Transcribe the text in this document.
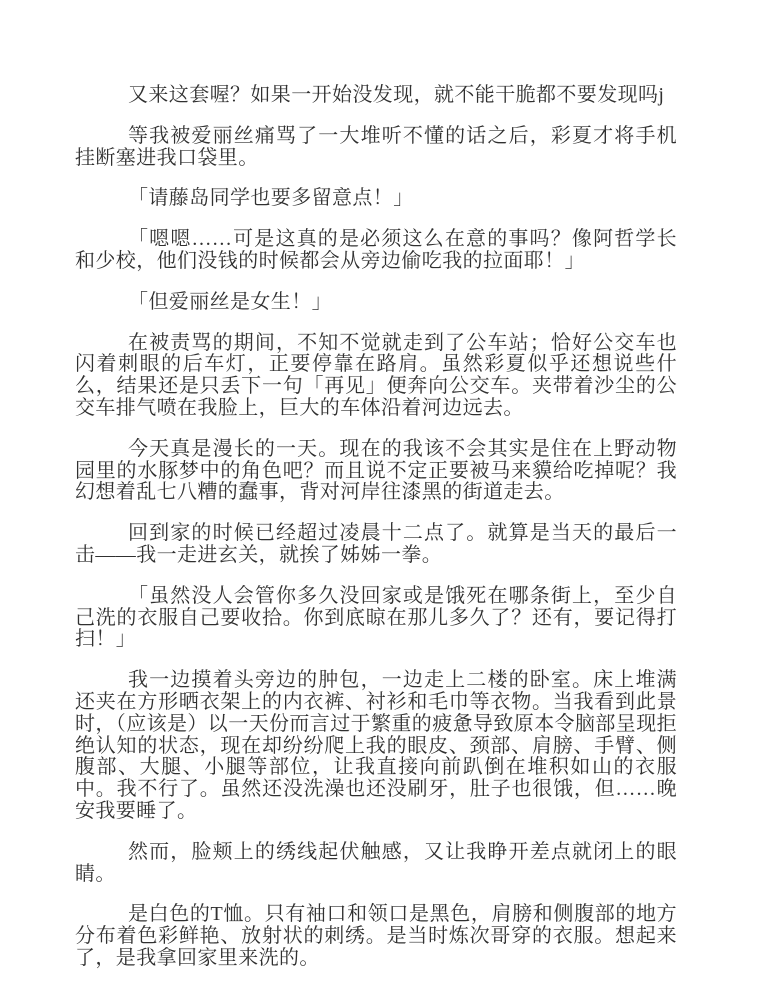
又来这套喔？如果一开始没发现，就不能干脆都不要发现吗j

等我被爱丽丝痛骂了一大堆听不懂的话之后，彩夏才将手机挂断塞进我口袋里。

「请藤岛同学也要多留意点！」

「嗯嗯……可是这真的是必须这么在意的事吗？像阿哲学长和少校，他们没钱的时候都会从旁边偷吃我的拉面耶！」

「但爱丽丝是女生！」

在被责骂的期间，不知不觉就走到了公车站；恰好公交车也闪着刺眼的后车灯，正要停靠在路肩。虽然彩夏似乎还想说些什么，结果还是只丢下一句「再见」便奔向公交车。夹带着沙尘的公交车排气喷在我脸上，巨大的车体沿着河边远去。

今天真是漫长的一天。现在的我该不会其实是住在上野动物园里的水豚梦中的角色吧？而且说不定正要被马来貘给吃掉呢？我幻想着乱七八糟的蠢事，背对河岸往漆黑的街道走去。

回到家的时候已经超过凌晨十二点了。就算是当天的最后一击——我一走进玄关，就挨了姊姊一拳。

「虽然没人会管你多久没回家或是饿死在哪条街上，至少自己洗的衣服自己要收拾。你到底晾在那儿多久了？还有，要记得打扫！」

我一边摸着头旁边的肿包，一边走上二楼的卧室。床上堆满还夹在方形晒衣架上的内衣裤、衬衫和毛巾等衣物。当我看到此景时，（应该是）以一天份而言过于繁重的疲惫导致原本令脑部呈现拒绝认知的状态，现在却纷纷爬上我的眼皮、颈部、肩膀、手臂、侧腹部、大腿、小腿等部位，让我直接向前趴倒在堆积如山的衣服中。我不行了。虽然还没洗澡也还没刷牙，肚子也很饿，但……晚安我要睡了。

然而，脸颊上的绣线起伏触感，又让我睁开差点就闭上的眼睛。

是白色的T恤。只有袖口和领口是黑色，肩膀和侧腹部的地方分布着色彩鲜艳、放射状的刺绣。是当时炼次哥穿的衣服。想起来了，是我拿回家里来洗的。
